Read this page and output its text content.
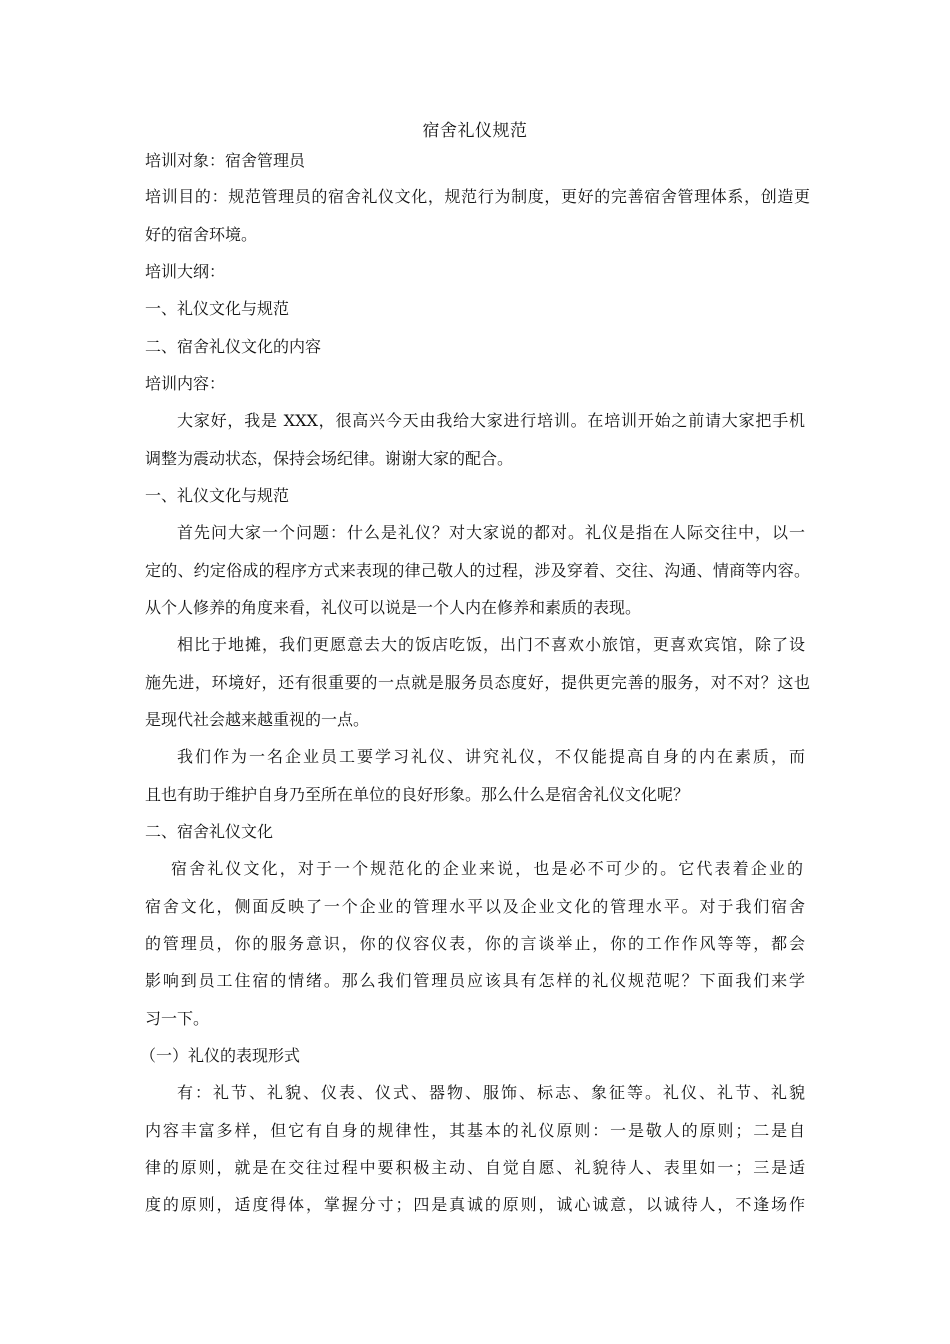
宿舍礼仪规范
培训对象：宿舍管理员
培训目的：规范管理员的宿舍礼仪文化，规范行为制度，更好的完善宿舍管理体系，创造更
好的宿舍环境。
培训大纲：
一、礼仪文化与规范
二、宿舍礼仪文化的内容
培训内容：
大家好，我是 XXX，很高兴今天由我给大家进行培训。在培训开始之前请大家把手机
调整为震动状态，保持会场纪律。谢谢大家的配合。
一、礼仪文化与规范
首先问大家一个问题：什么是礼仪？对大家说的都对。礼仪是指在人际交往中，以一
定的、约定俗成的程序方式来表现的律己敬人的过程，涉及穿着、交往、沟通、情商等内容。
从个人修养的角度来看，礼仪可以说是一个人内在修养和素质的表现。
相比于地摊，我们更愿意去大的饭店吃饭，出门不喜欢小旅馆，更喜欢宾馆，除了设
施先进，环境好，还有很重要的一点就是服务员态度好，提供更完善的服务，对不对？这也
是现代社会越来越重视的一点。
我们作为一名企业员工要学习礼仪、讲究礼仪，不仅能提高自身的内在素质，而
且也有助于维护自身乃至所在单位的良好形象。那么什么是宿舍礼仪文化呢？
二、宿舍礼仪文化
宿舍礼仪文化，对于一个规范化的企业来说，也是必不可少的。它代表着企业的
宿舍文化，侧面反映了一个企业的管理水平以及企业文化的管理水平。对于我们宿舍
的管理员，你的服务意识，你的仪容仪表，你的言谈举止，你的工作作风等等，都会
影响到员工住宿的情绪。那么我们管理员应该具有怎样的礼仪规范呢？下面我们来学
习一下。
（一）礼仪的表现形式
有：礼节、礼貌、仪表、仪式、器物、服饰、标志、象征等。礼仪、礼节、礼貌
内容丰富多样，但它有自身的规律性，其基本的礼仪原则：一是敬人的原则；二是自
律的原则，就是在交往过程中要积极主动、自觉自愿、礼貌待人、表里如一；三是适
度的原则，适度得体，掌握分寸；四是真诚的原则，诚心诚意，以诚待人，不逢场作
